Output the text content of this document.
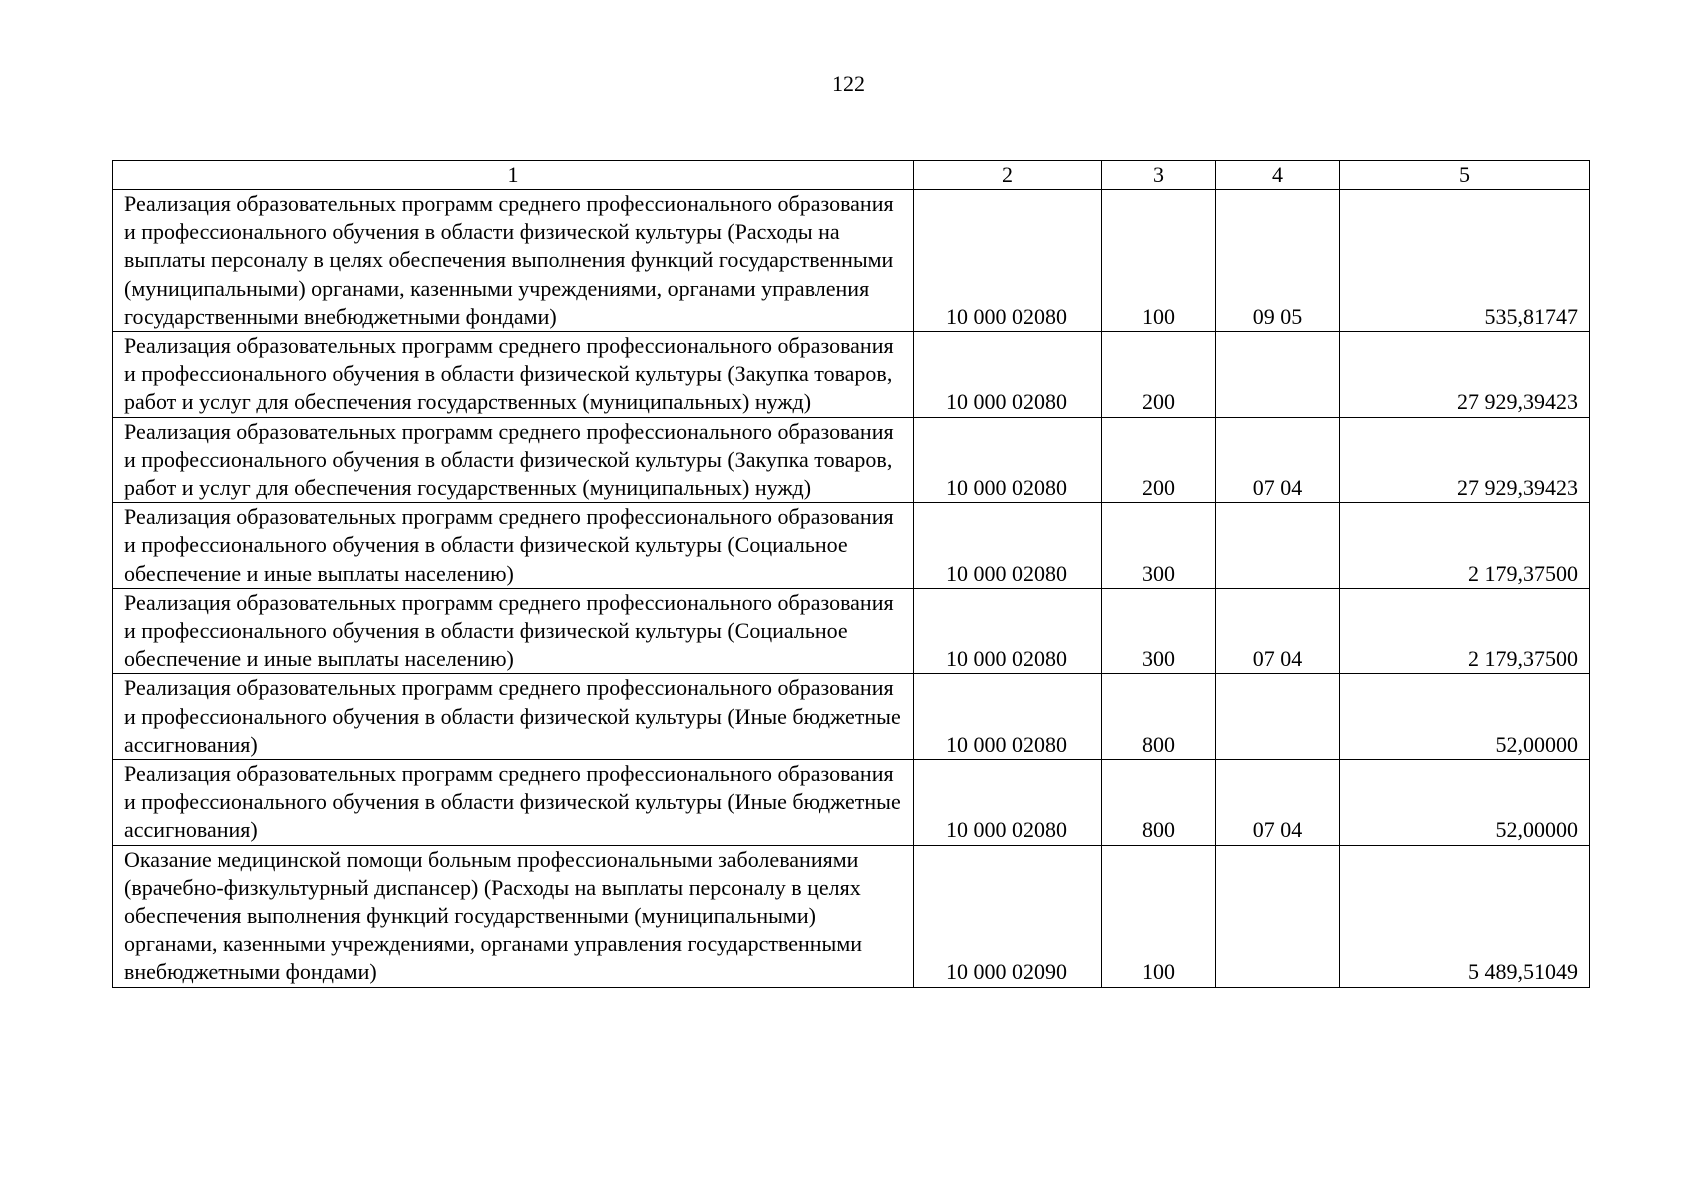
122
1	2	3	4	5
Реализация образовательных программ среднего профессионального образования и профессионального обучения в области физической культуры (Расходы на выплаты персоналу в целях обеспечения выполнения функций государственными (муниципальными) органами, казенными учреждениями, органами управления государственными внебюджетными фондами)	10 000 02080	100	09 05	535,81747
Реализация образовательных программ среднего профессионального образования и профессионального обучения в области физической культуры (Закупка товаров, работ и услуг для обеспечения государственных (муниципальных) нужд)	10 000 02080	200		27 929,39423
Реализация образовательных программ среднего профессионального образования и профессионального обучения в области физической культуры (Закупка товаров, работ и услуг для обеспечения государственных (муниципальных) нужд)	10 000 02080	200	07 04	27 929,39423
Реализация образовательных программ среднего профессионального образования и профессионального обучения в области физической культуры (Социальное обеспечение и иные выплаты населению)	10 000 02080	300		2 179,37500
Реализация образовательных программ среднего профессионального образования и профессионального обучения в области физической культуры (Социальное обеспечение и иные выплаты населению)	10 000 02080	300	07 04	2 179,37500
Реализация образовательных программ среднего профессионального образования и профессионального обучения в области физической культуры (Иные бюджетные ассигнования)	10 000 02080	800		52,00000
Реализация образовательных программ среднего профессионального образования и профессионального обучения в области физической культуры (Иные бюджетные ассигнования)	10 000 02080	800	07 04	52,00000
Оказание медицинской помощи больным профессиональными заболеваниями (врачебно-физкультурный диспансер) (Расходы на выплаты персоналу в целях обеспечения выполнения функций государственными (муниципальными) органами, казенными учреждениями, органами управления государственными внебюджетными фондами)	10 000 02090	100		5 489,51049
